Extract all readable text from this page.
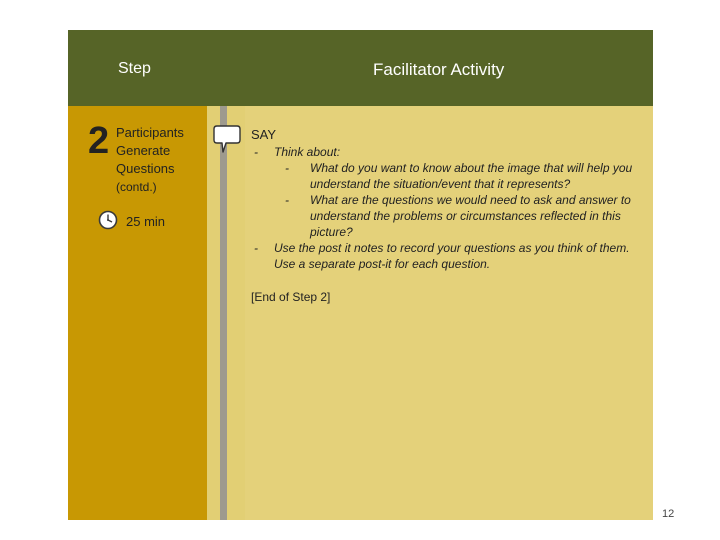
Step	Facilitator Activity
2 Participants
Generate
Questions
(contd.)
25 min
SAY
- Think about:
- What do you want to know about the image that will help you understand the situation/event that it represents?
- What are the questions we would need to ask and answer to understand the problems or circumstances reflected in this picture?
- Use the post it notes to record your questions as you think of them. Use a separate post-it for each question.
[End of Step 2]
12
